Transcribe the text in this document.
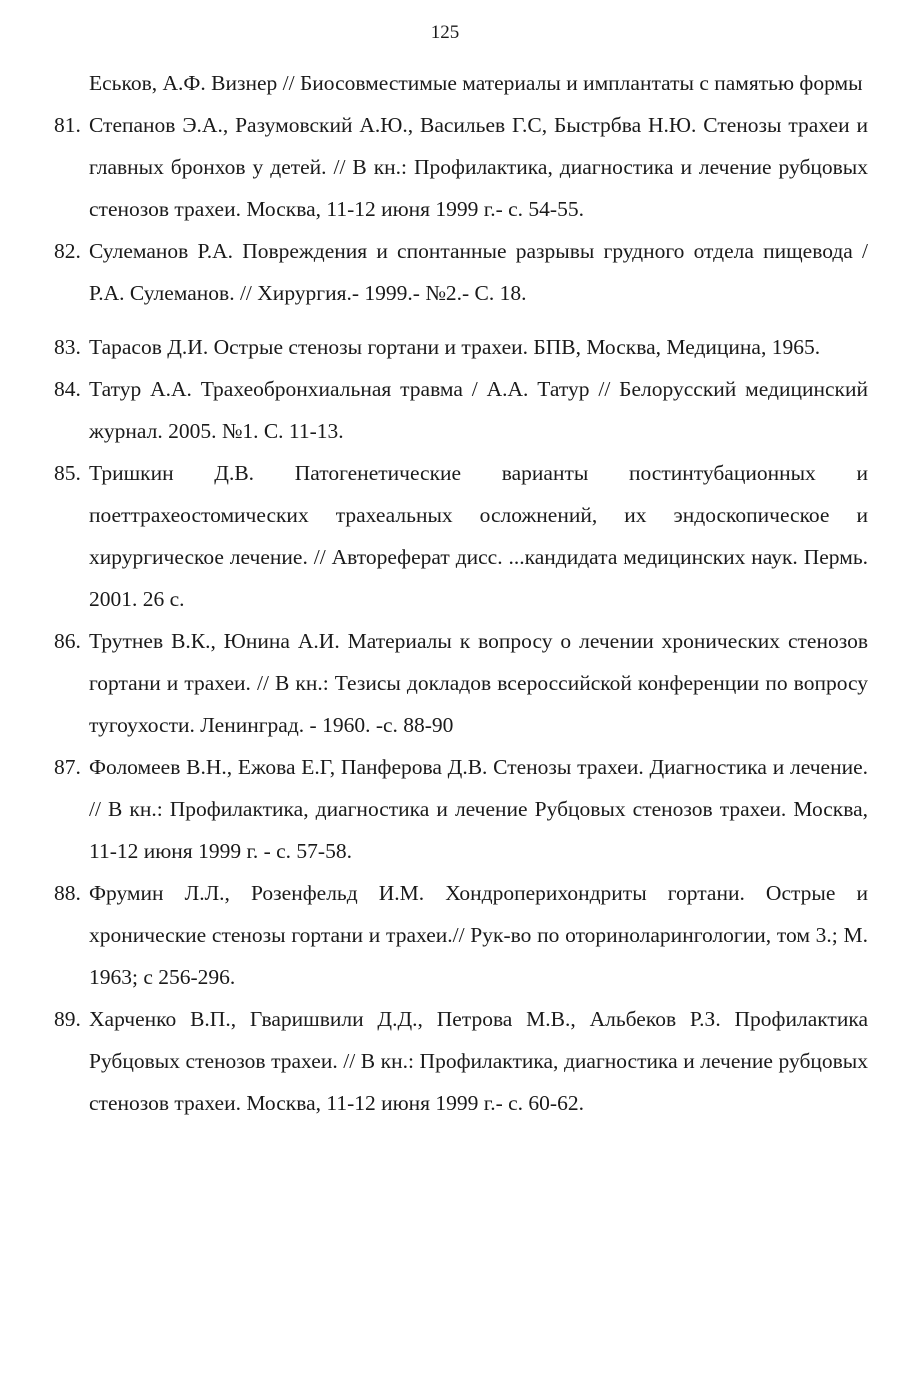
125
Еськов, А.Ф. Визнер // Биосовместимые материалы и имплантаты с памятью формы
81. Степанов Э.А., Разумовский А.Ю., Васильев Г.С, Быстрбва Н.Ю. Стенозы трахеи и главных бронхов у детей. // В кн.: Профилактика, диагностика и лечение рубцовых стенозов трахеи. Москва, 11-12 июня 1999 г.- с. 54-55.
82. Сулеманов Р.А. Повреждения и спонтанные разрывы грудного отдела пищевода / Р.А. Сулеманов. // Хирургия.- 1999.- №2.- С. 18.
83. Тарасов Д.И. Острые стенозы гортани и трахеи. БПВ, Москва, Медицина, 1965.
84. Татур А.А. Трахеобронхиальная травма / А.А. Татур // Белорусский медицинский журнал. 2005. №1. С. 11-13.
85. Тришкин Д.В. Патогенетические варианты постинтубационных и поеттрахеостомических трахеальных осложнений, их эндоскопическое и хирургическое лечение. // Автореферат дисс. ...кандидата медицинских наук. Пермь. 2001. 26 с.
86. Трутнев В.К., Юнина А.И. Материалы к вопросу о лечении хронических стенозов гортани и трахеи. // В кн.: Тезисы докладов всероссийской конференции по вопросу тугоухости. Ленинград. - 1960. -с. 88-90
87. Фоломеев В.Н., Ежова Е.Г, Панферова Д.В. Стенозы трахеи. Диагностика и лечение. // В кн.: Профилактика, диагностика и лечение Рубцовых стенозов трахеи. Москва, 11-12 июня 1999 г. - с. 57-58.
88. Фрумин Л.Л., Розенфельд И.М. Хондроперихондриты гортани. Острые и хронические стенозы гортани и трахеи.// Рук-во по оториноларингологии, том 3.; М. 1963; с 256-296.
89. Харченко В.П., Гваришвили Д.Д., Петрова М.В., Альбеков Р.З. Профилактика Рубцовых стенозов трахеи. // В кн.: Профилактика, диагностика и лечение рубцовых стенозов трахеи. Москва, 11-12 июня 1999 г.- с. 60-62.
